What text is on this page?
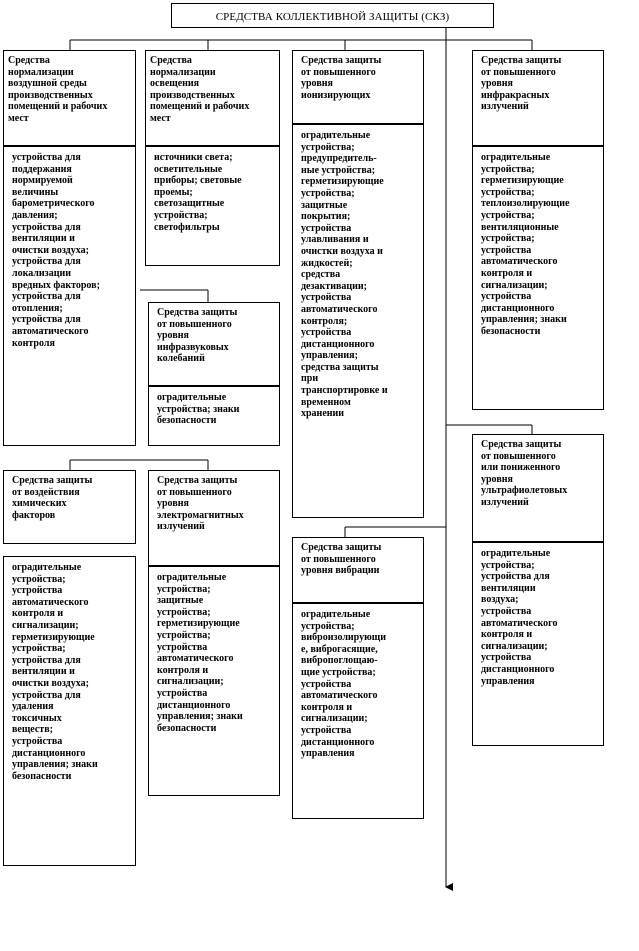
СРЕДСТВА КОЛЛЕКТИВНОЙ ЗАЩИТЫ (СКЗ)
Средства
нормализации
воздушной среды
производственных
помещений и рабочих
мест
устройства для
поддержания
нормируемой
величины
барометрического
давления;
устройства для
вентиляции и
очистки воздуха;
устройства для
локализации
вредных факторов;
устройства для
отопления;
устройства для
автоматического
контроля
Средства
нормализации
освещения
производственных
помещений и рабочих
мест
источники света;
осветительные
приборы; световые
проемы;
светозащитные
устройства;
светофильтры
Средства защиты
от повышенного
уровня
инфразвуковых
колебаний
оградительные
устройства; знаки
безопасности
Средства защиты
от повышенного
уровня
ионизирующих
оградительные
устройства;
предупредитель-
ные устройства;
герметизирующие
устройства;
защитные
покрытия;
устройства
улавливания и
очистки воздуха и
жидкостей;
средства
дезактивации;
устройства
автоматического
контроля;
устройства
дистанционного
управления;
средства защиты
при
транспортировке и
временном
хранении
Средства защиты
от повышенного
уровня
инфракрасных
излучений
оградительные
устройства;
герметизирующие
устройства;
теплоизолирующие
устройства;
вентиляционные
устройства;
устройства
автоматического
контроля и
сигнализации;
устройства
дистанционного
управления; знаки
безопасности
Средства защиты
от повышенного
или пониженного
уровня
ультрафиолетовых
излучений
оградительные
устройства;
устройства для
вентиляции
воздуха;
устройства
автоматического
контроля и
сигнализации;
устройства
дистанционного
управления
Средства защиты
от воздействия
химических
факторов
оградительные
устройства;
устройства
автоматического
контроля и
сигнализации;
герметизирующие
устройства;
устройства для
вентиляции и
очистки воздуха;
устройства для
удаления
токсичных
веществ;
устройства
дистанционного
управления; знаки
безопасности
Средства защиты
от повышенного
уровня
электромагнитных
излучений
оградительные
устройства;
защитные
устройства;
герметизирующие
устройства;
устройства
автоматического
контроля и
сигнализации;
устройства
дистанционного
управления; знаки
безопасности
Средства защиты
от повышенного
уровня вибрации
оградительные
устройства;
виброизолирующи
е, виброгасящие,
вибропоглощаю-
щие устройства;
устройства
автоматического
контроля и
сигнализации;
устройства
дистанционного
управления
